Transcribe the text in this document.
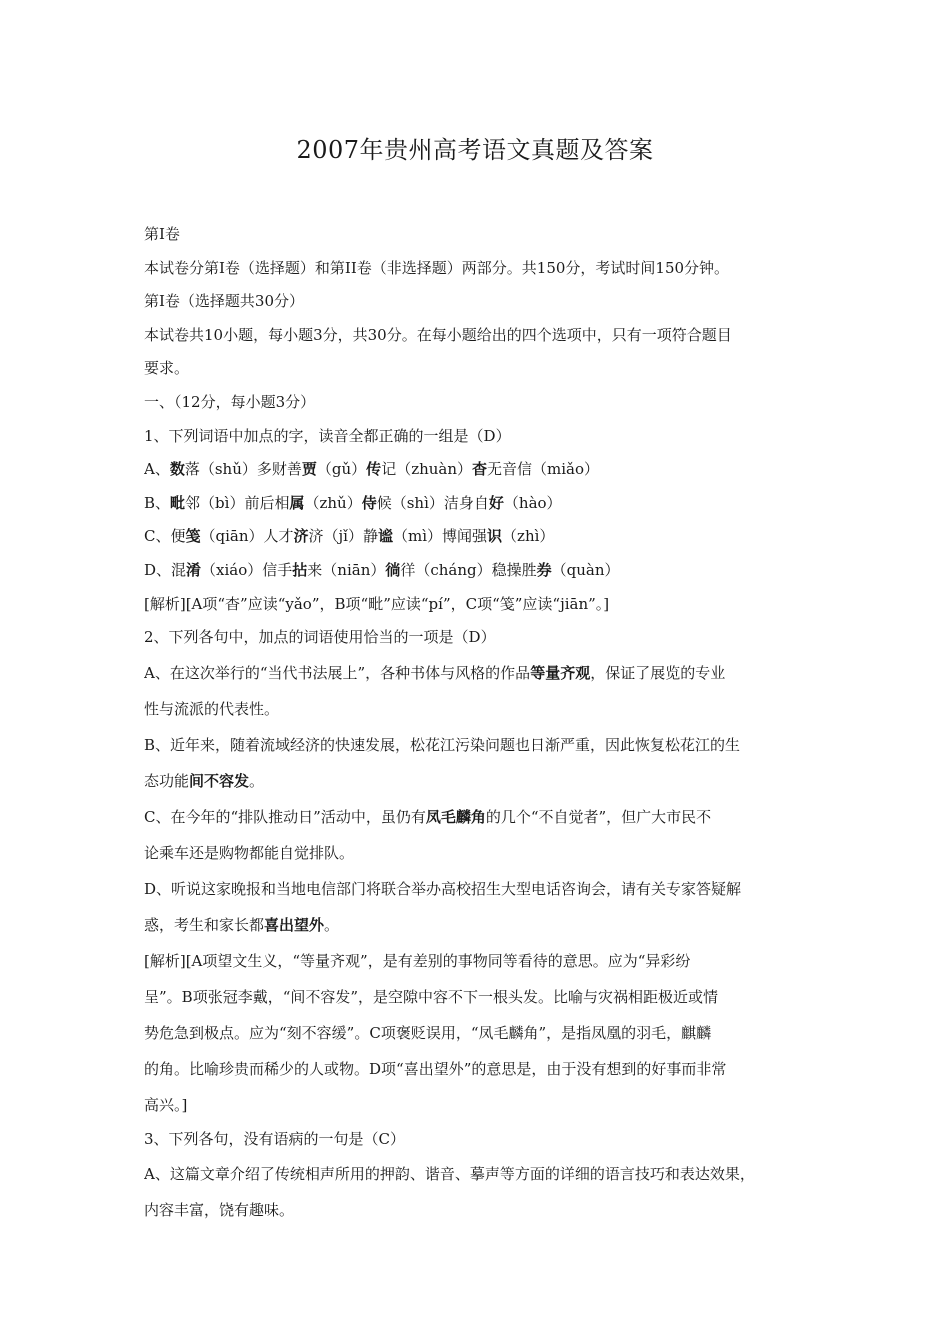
2007年贵州高考语文真题及答案
第Ⅰ卷
本试卷分第Ⅰ卷（选择题）和第II卷（非选择题）两部分。共150分，考试时间150分钟。
第Ⅰ卷（选择题共30分）
本试卷共10小题，每小题3分，共30分。在每小题给出的四个选项中，只有一项符合题目
要求。
一、（12分，每小题3分）
1、下列词语中加点的字，读音全都正确的一组是（D）
A、数落（shǔ）多财善贾（gǔ）传记（zhuàn）杳无音信（miǎo）
B、毗邻（bì）前后相属（zhǔ）侍候（shì）洁身自好（hào）
C、便笺（qiān）人才济济（jǐ）静谧（mì）博闻强识（zhì）
D、混淆（xiáo）信手拈来（niān）徜徉（cháng）稳操胜券（quàn）
[解析][A项“杳”应读“yǎo”，B项“毗”应读“pí”，C项“笺”应读“jiān”。]
2、下列各句中，加点的词语使用恰当的一项是（D）
A、在这次举行的“当代书法展上”，各种书体与风格的作品等量齐观，保证了展览的专业
性与流派的代表性。
B、近年来，随着流域经济的快速发展，松花江污染问题也日渐严重，因此恢复松花江的生
态功能间不容发。
C、在今年的“排队推动日”活动中，虽仍有凤毛麟角的几个“不自觉者”，但广大市民不
论乘车还是购物都能自觉排队。
D、听说这家晚报和当地电信部门将联合举办高校招生大型电话咨询会，请有关专家答疑解
惑，考生和家长都喜出望外。
[解析][A项望文生义，“等量齐观”，是有差别的事物同等看待的意思。应为“异彩纷
呈”。B项张冠李戴，“间不容发”，是空隙中容不下一根头发。比喻与灾祸相距极近或情
势危急到极点。应为“刻不容缓”。C项褒贬误用，“凤毛麟角”，是指凤凰的羽毛，麒麟
的角。比喻珍贵而稀少的人或物。D项“喜出望外”的意思是，由于没有想到的好事而非常
高兴。]
3、下列各句，没有语病的一句是（C）
A、这篇文章介绍了传统相声所用的押韵、谐音、摹声等方面的详细的语言技巧和表达效果，
内容丰富，饶有趣味。
